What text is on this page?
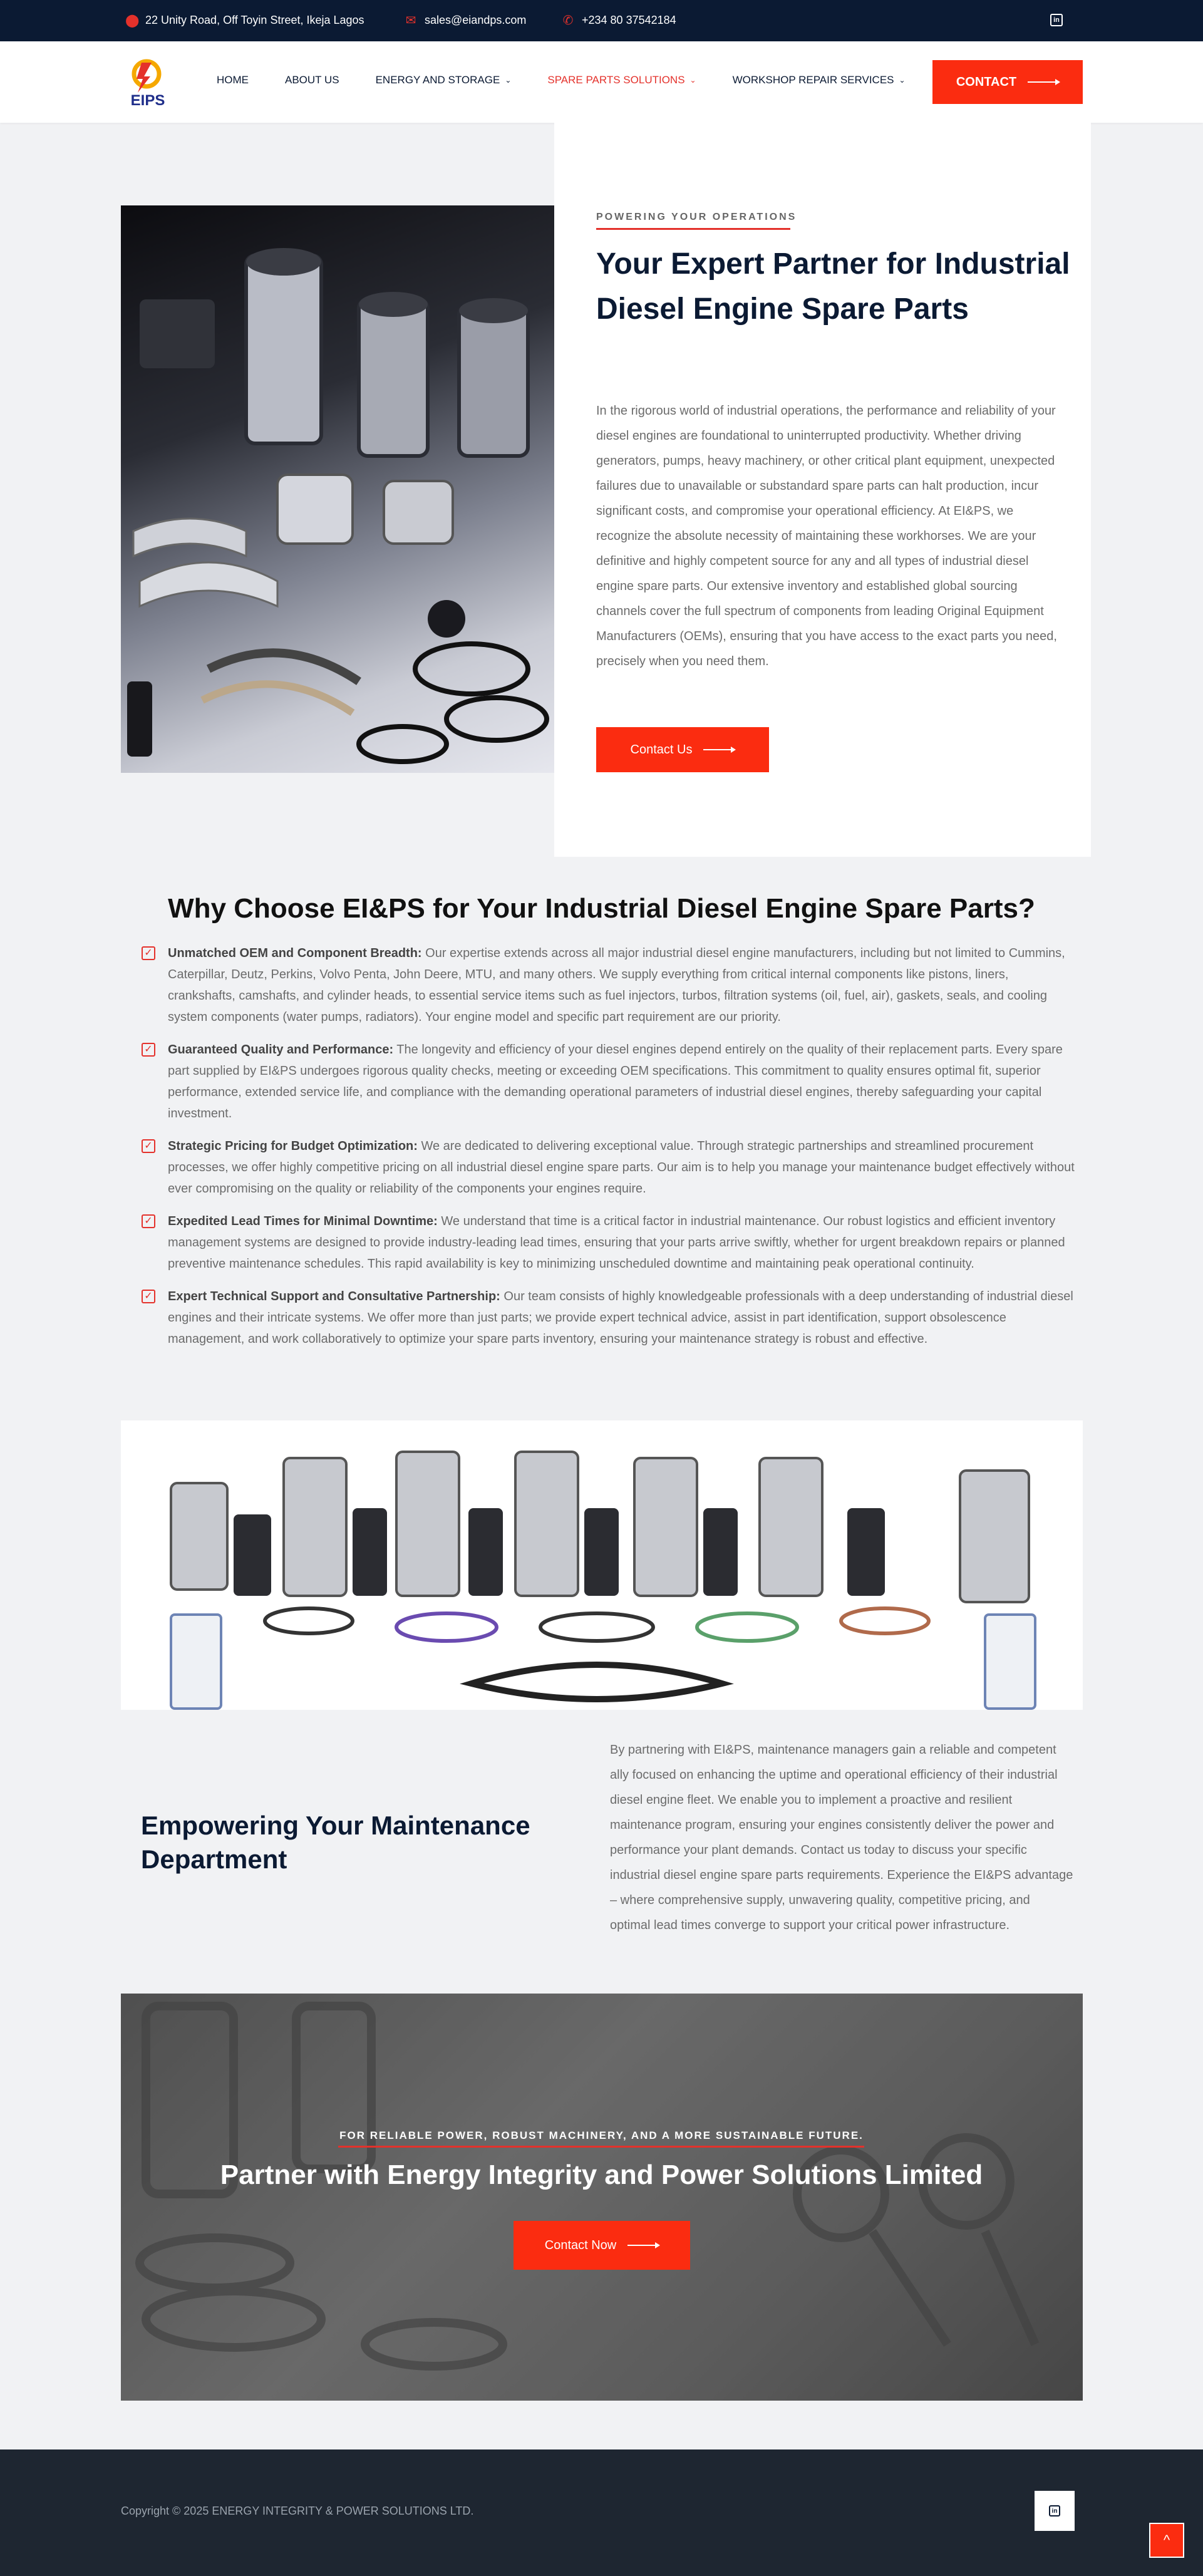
⬤ 22 Unity Road, Off Toyin Street, Ikeja Lagos	✉ sales@eiandps.com	✆ +234 80 37542184	in
EIPS
HOME	ABOUT US	ENERGY AND STORAGE ⌄	SPARE PARTS SOLUTIONS ⌄	WORKSHOP REPAIR SERVICES ⌄	CONTACT
POWERING YOUR OPERATIONS
Your Expert Partner for Industrial Diesel Engine Spare Parts
In the rigorous world of industrial operations, the performance and reliability of your diesel engines are foundational to uninterrupted productivity. Whether driving generators, pumps, heavy machinery, or other critical plant equipment, unexpected failures due to unavailable or substandard spare parts can halt production, incur significant costs, and compromise your operational efficiency. At EI&PS, we recognize the absolute necessity of maintaining these workhorses. We are your definitive and highly competent source for any and all types of industrial diesel engine spare parts. Our extensive inventory and established global sourcing channels cover the full spectrum of components from leading Original Equipment Manufacturers (OEMs), ensuring that you have access to the exact parts you need, precisely when you need them.
Contact Us
Why Choose EI&PS for Your Industrial Diesel Engine Spare Parts?
✓ Unmatched OEM and Component Breadth: Our expertise extends across all major industrial diesel engine manufacturers, including but not limited to Cummins, Caterpillar, Deutz, Perkins, Volvo Penta, John Deere, MTU, and many others. We supply everything from critical internal components like pistons, liners, crankshafts, camshafts, and cylinder heads, to essential service items such as fuel injectors, turbos, filtration systems (oil, fuel, air), gaskets, seals, and cooling system components (water pumps, radiators). Your engine model and specific part requirement are our priority.
✓ Guaranteed Quality and Performance: The longevity and efficiency of your diesel engines depend entirely on the quality of their replacement parts. Every spare part supplied by EI&PS undergoes rigorous quality checks, meeting or exceeding OEM specifications. This commitment to quality ensures optimal fit, superior performance, extended service life, and compliance with the demanding operational parameters of industrial diesel engines, thereby safeguarding your capital investment.
✓ Strategic Pricing for Budget Optimization: We are dedicated to delivering exceptional value. Through strategic partnerships and streamlined procurement processes, we offer highly competitive pricing on all industrial diesel engine spare parts. Our aim is to help you manage your maintenance budget effectively without ever compromising on the quality or reliability of the components your engines require.
✓ Expedited Lead Times for Minimal Downtime: We understand that time is a critical factor in industrial maintenance. Our robust logistics and efficient inventory management systems are designed to provide industry-leading lead times, ensuring that your parts arrive swiftly, whether for urgent breakdown repairs or planned preventive maintenance schedules. This rapid availability is key to minimizing unscheduled downtime and maintaining peak operational continuity.
✓ Expert Technical Support and Consultative Partnership: Our team consists of highly knowledgeable professionals with a deep understanding of industrial diesel engines and their intricate systems. We offer more than just parts; we provide expert technical advice, assist in part identification, support obsolescence management, and work collaboratively to optimize your spare parts inventory, ensuring your maintenance strategy is robust and effective.
Empowering Your Maintenance Department
By partnering with EI&PS, maintenance managers gain a reliable and competent ally focused on enhancing the uptime and operational efficiency of their industrial diesel engine fleet. We enable you to implement a proactive and resilient maintenance program, ensuring your engines consistently deliver the power and performance your plant demands. Contact us today to discuss your specific industrial diesel engine spare parts requirements. Experience the EI&PS advantage – where comprehensive supply, unwavering quality, competitive pricing, and optimal lead times converge to support your critical power infrastructure.
FOR RELIABLE POWER, ROBUST MACHINERY, AND A MORE SUSTAINABLE FUTURE.
Partner with Energy Integrity and Power Solutions Limited
Contact Now
Copyright © 2025 ENERGY INTEGRITY & POWER SOLUTIONS LTD.	in
^
